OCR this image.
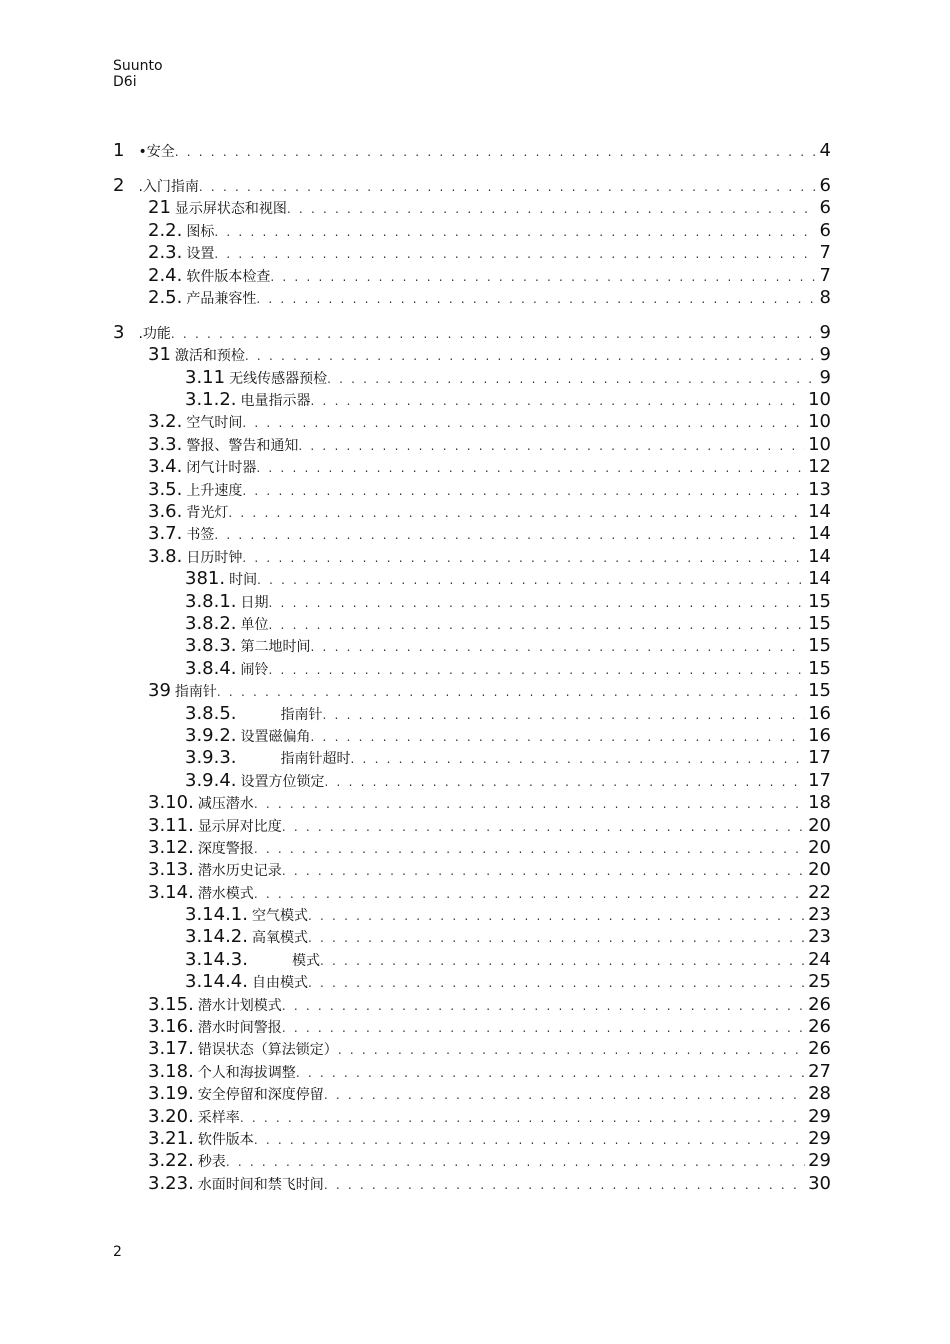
Suunto
D6i
1 •安全 . . .	4
2 .入门指南 . . .	6
21 显示屏状态和视图 . . .	6
2.2. 图标 . . .	6
2.3. 设置 . . .	7
2.4. 软件版本检查 . . .	7
2.5. 产品兼容性 . . .	8
3 .功能 . . .	9
31 激活和预检 . . .	9
3.11 无线传感器预检 . . .	9
3.1.2. 电量指示器 . . .	10
3.2. 空气时间 . . .	10
3.3. 警报、警告和通知 . . .	10
3.4. 闭气计时器 . . .	12
3.5. 上升速度 . . .	13
3.6. 背光灯 . . .	14
3.7. 书签 . . .	14
3.8. 日历时钟 . . .	14
381. 时间 . . .	14
3.8.1. 日期 . . .	15
3.8.2. 单位 . . .	15
3.8.3. 第二地时间 . . .	15
3.8.4. 闹铃 . . .	15
39 指南针 . . .	15
3.8.5.	指南针 . . .	16
3.9.2. 设置磁偏角 . . .	16
3.9.3.	指南针超时 . . .	17
3.9.4. 设置方位锁定 . . .	17
3.10. 减压潜水 . . .	18
3.11. 显示屏对比度 . . .	20
3.12. 深度警报 . . .	20
3.13. 潜水历史记录 . . .	20
3.14. 潜水模式 . . .	22
3.14.1. 空气模式 . . .	23
3.14.2. 高氧模式 . . .	23
3.14.3.	模式 . . .	24
3.14.4. 自由模式 . . .	25
3.15. 潜水计划模式 . . .	26
3.16. 潜水时间警报 . . .	26
3.17. 错误状态（算法锁定） . . .	26
3.18. 个人和海拔调整 . . .	27
3.19. 安全停留和深度停留 . . .	28
3.20. 采样率 . . .	29
3.21. 软件版本 . . .	29
3.22. 秒表 . . .	29
3.23. 水面时间和禁飞时间 . . .	30
2
